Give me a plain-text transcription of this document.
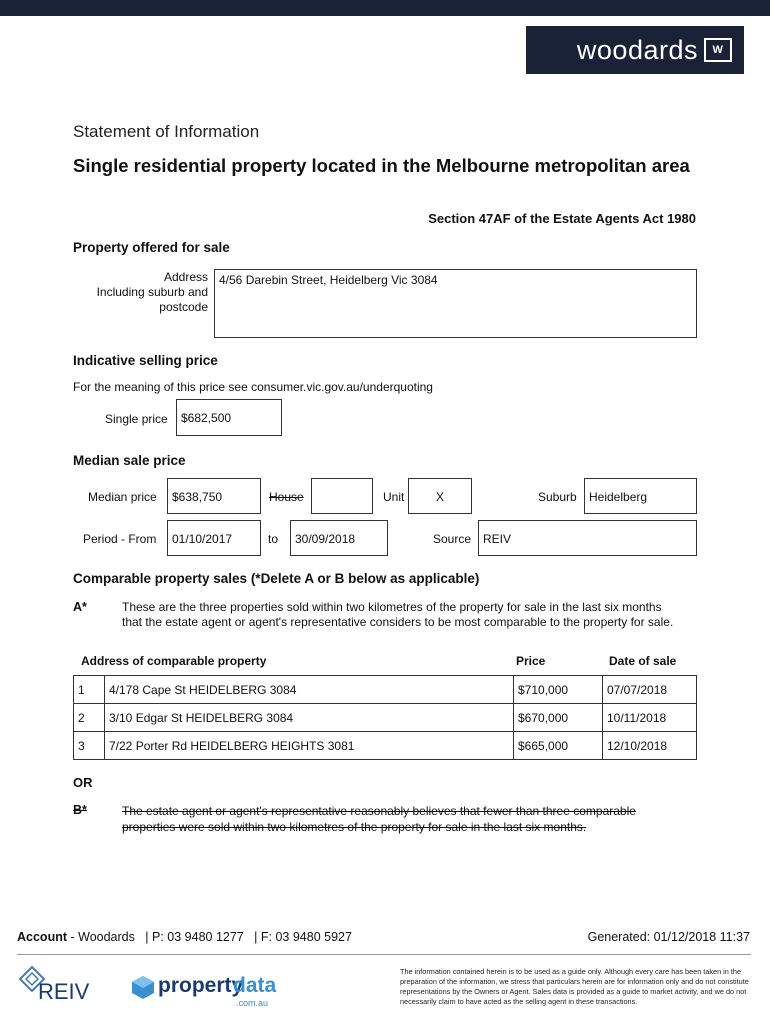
woodards	W
Statement of Information
Single residential property located in the Melbourne metropolitan area
Section 47AF of the Estate Agents Act 1980
Property offered for sale
Address
Including suburb and
postcode
4/56 Darebin Street, Heidelberg Vic 3084
Indicative selling price
For the meaning of this price see consumer.vic.gov.au/underquoting
Single price	$682,500
Median sale price
Median price	$638,750	House	Unit	X	Suburb	Heidelberg
Period - From	01/10/2017	to	30/09/2018	Source REIV
Comparable property sales (*Delete A or B below as applicable)
A*	These are the three properties sold within two kilometres of the property for sale in the last six months that the estate agent or agent's representative considers to be most comparable to the property for sale.
Address of comparable property	Price	Date of sale
1	4/178 Cape St HEIDELBERG 3084	$710,000	07/07/2018
2	3/10 Edgar St HEIDELBERG 3084	$670,000	10/11/2018
3	7/22 Porter Rd HEIDELBERG HEIGHTS 3081	$665,000	12/10/2018
OR
B*	The estate agent or agent's representative reasonably believes that fewer than three comparable properties were sold within two kilometres of the property for sale in the last six months.
Account - Woodards   | P: 03 9480 1277   | F: 03 9480 5927	Generated: 01/12/2018 11:37
REIV	property
data
.com.au
The information contained herein is to be used as a guide only. Although every care has been taken in the preparation of the information, we stress that particulars herein are for information only and do not constitute representations by the Owners or Agent. Sales data is provided as a guide to market activity, and we do not necessarily claim to have acted as the selling agent in these transactions.
